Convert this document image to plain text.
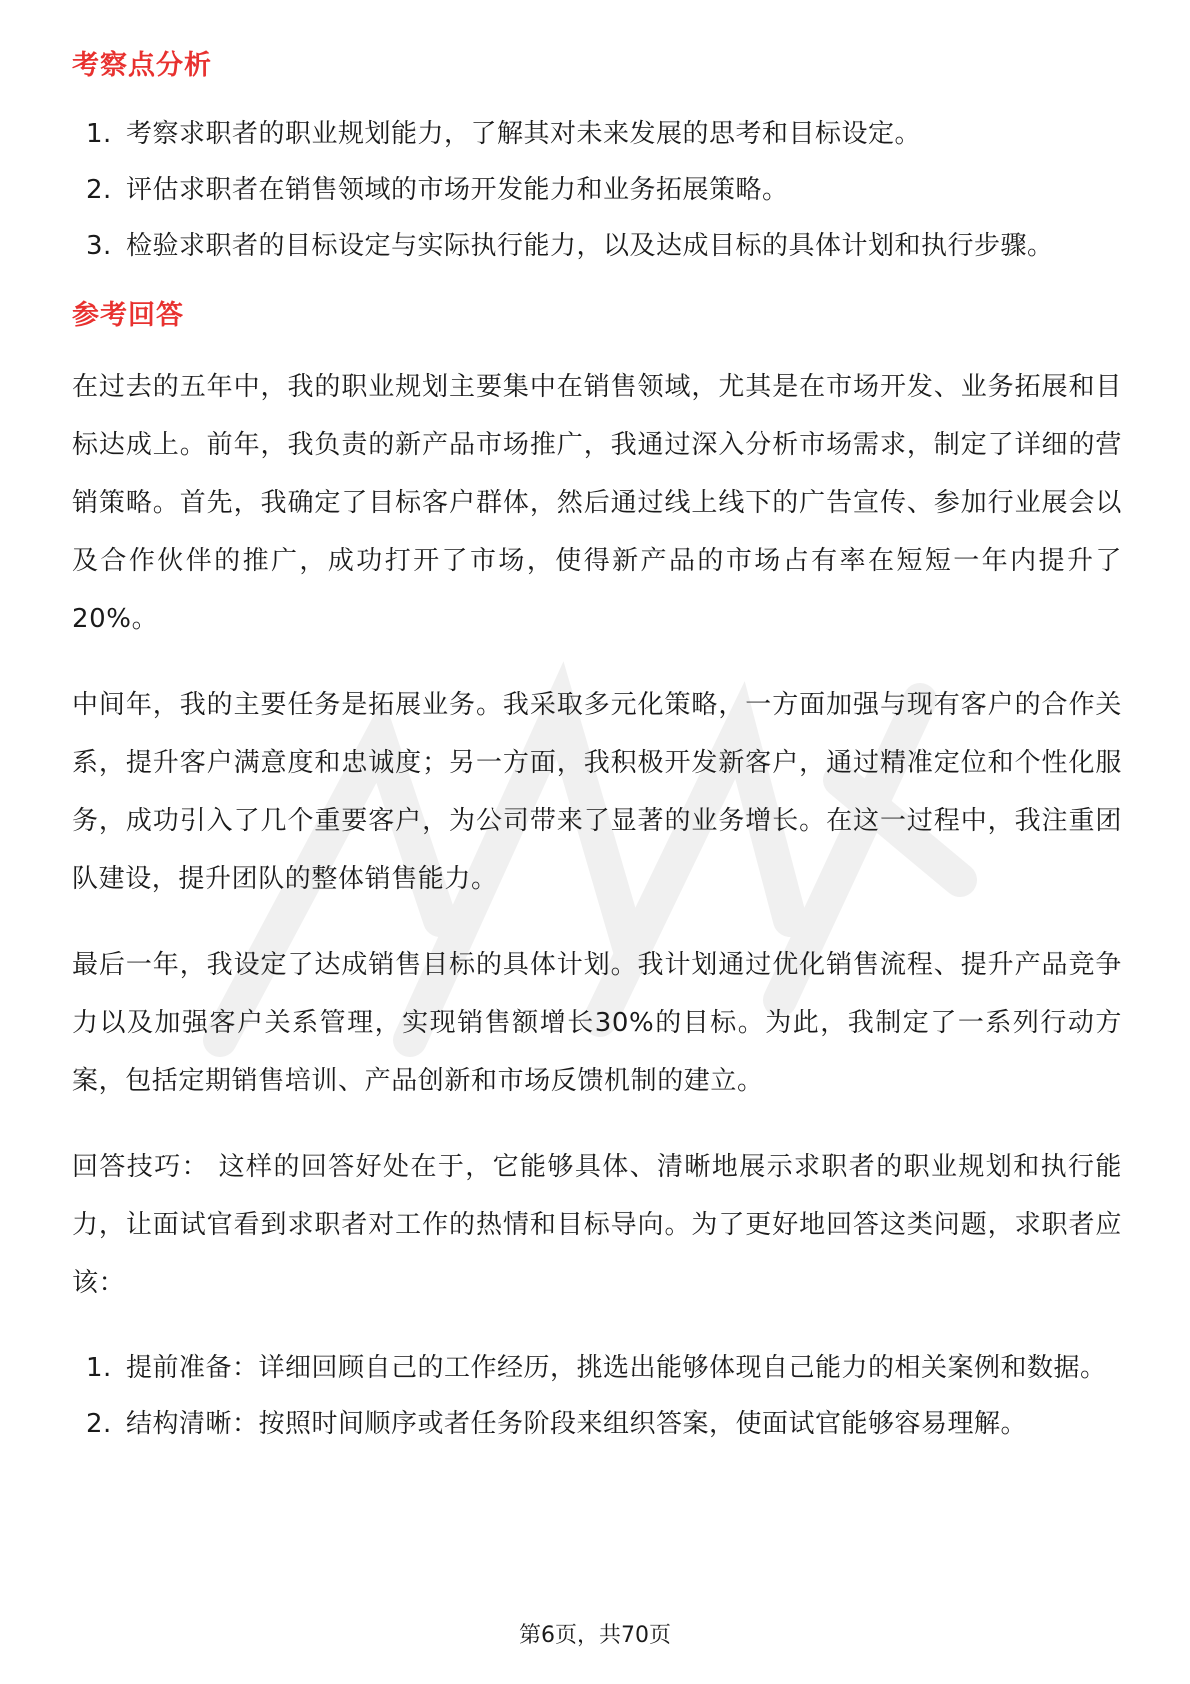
考察点分析
1. 考察求职者的职业规划能力，了解其对未来发展的思考和目标设定。
2. 评估求职者在销售领域的市场开发能力和业务拓展策略。
3. 检验求职者的目标设定与实际执行能力，以及达成目标的具体计划和执行步骤。
参考回答

在过去的五年中，我的职业规划主要集中在销售领域，尤其是在市场开发、业务拓展和目标达成上。前年，我负责的新产品市场推广，我通过深入分析市场需求，制定了详细的营销策略。首先，我确定了目标客户群体，然后通过线上线下的广告宣传、参加行业展会以及合作伙伴的推广，成功打开了市场，使得新产品的市场占有率在短短一年内提升了20%。

中间年，我的主要任务是拓展业务。我采取多元化策略，一方面加强与现有客户的合作关系，提升客户满意度和忠诚度；另一方面，我积极开发新客户，通过精准定位和个性化服务，成功引入了几个重要客户，为公司带来了显著的业务增长。在这一过程中，我注重团队建设，提升团队的整体销售能力。

最后一年，我设定了达成销售目标的具体计划。我计划通过优化销售流程、提升产品竞争力以及加强客户关系管理，实现销售额增长30%的目标。为此，我制定了一系列行动方案，包括定期销售培训、产品创新和市场反馈机制的建立。

回答技巧： 这样的回答好处在于，它能够具体、清晰地展示求职者的职业规划和执行能力，让面试官看到求职者对工作的热情和目标导向。为了更好地回答这类问题，求职者应该：

1. 提前准备：详细回顾自己的工作经历，挑选出能够体现自己能力的相关案例和数据。
2. 结构清晰：按照时间顺序或者任务阶段来组织答案，使面试官能够容易理解。
第6页，共70页
